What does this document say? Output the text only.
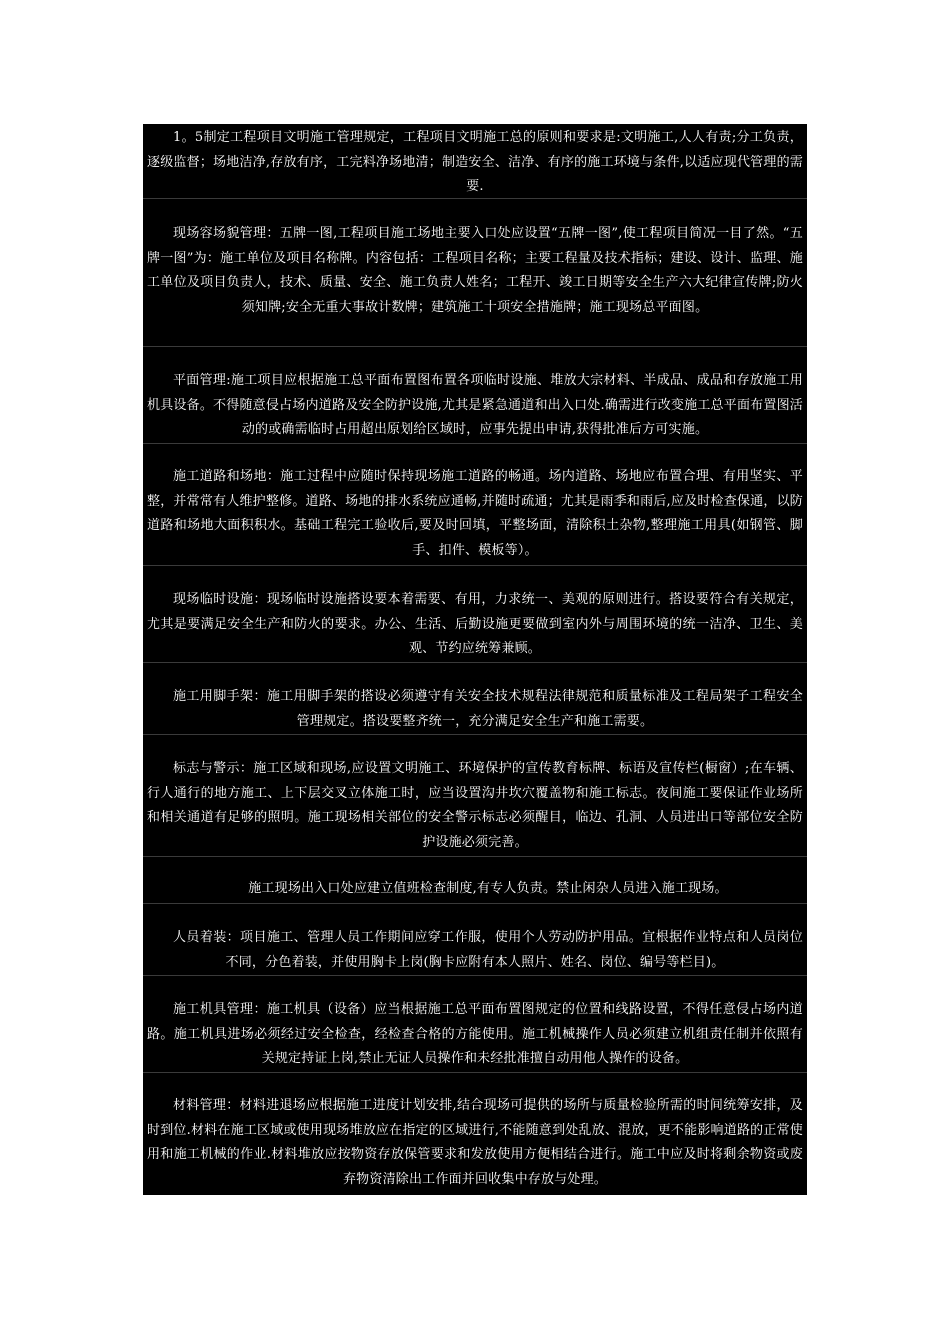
1。5制定工程项目文明施工管理规定，工程项目文明施工总的原则和要求是:文明施工,人人有责;分工负责，逐级监督；场地洁净,存放有序，工完料净场地清；制造安全、洁净、有序的施工环境与条件,以适应现代管理的需要.

现场容场貌管理：五牌一图,工程项目施工场地主要入口处应设置“五牌一图”,使工程项目简况一目了然。“五牌一图”为：施工单位及项目名称牌。内容包括：工程项目名称；主要工程量及技术指标；建设、设计、监理、施工单位及项目负责人，技术、质量、安全、施工负责人姓名；工程开、竣工日期等安全生产六大纪律宣传牌;防火须知牌;安全无重大事故计数牌；建筑施工十项安全措施牌；施工现场总平面图。

平面管理:施工项目应根据施工总平面布置图布置各项临时设施、堆放大宗材料、半成品、成品和存放施工用机具设备。不得随意侵占场内道路及安全防护设施,尤其是紧急通道和出入口处.确需进行改变施工总平面布置图活动的或确需临时占用超出原划给区域时，应事先提出申请,获得批准后方可实施。

施工道路和场地：施工过程中应随时保持现场施工道路的畅通。场内道路、场地应布置合理、有用坚实、平整，并常常有人维护整修。道路、场地的排水系统应通畅,并随时疏通；尤其是雨季和雨后,应及时检查保通，以防道路和场地大面积积水。基础工程完工验收后,要及时回填，平整场面，清除积土杂物,整理施工用具(如钢管、脚手、扣件、模板等）。

现场临时设施：现场临时设施搭设要本着需要、有用，力求统一、美观的原则进行。搭设要符合有关规定，尤其是要满足安全生产和防火的要求。办公、生活、后勤设施更要做到室内外与周围环境的统一洁净、卫生、美观、节约应统筹兼顾。

施工用脚手架：施工用脚手架的搭设必须遵守有关安全技术规程法律规范和质量标准及工程局架子工程安全管理规定。搭设要整齐统一，充分满足安全生产和施工需要。

标志与警示：施工区域和现场,应设置文明施工、环境保护的宣传教育标牌、标语及宣传栏(橱窗）;在车辆、行人通行的地方施工、上下层交叉立体施工时，应当设置沟井坎穴覆盖物和施工标志。夜间施工要保证作业场所和相关通道有足够的照明。施工现场相关部位的安全警示标志必须醒目，临边、孔洞、人员进出口等部位安全防护设施必须完善。

施工现场出入口处应建立值班检查制度,有专人负责。禁止闲杂人员进入施工现场。

人员着装：项目施工、管理人员工作期间应穿工作服，使用个人劳动防护用品。宜根据作业特点和人员岗位不同，分色着装，并使用胸卡上岗(胸卡应附有本人照片、姓名、岗位、编号等栏目)。

施工机具管理：施工机具（设备）应当根据施工总平面布置图规定的位置和线路设置，不得任意侵占场内道路。施工机具进场必须经过安全检查，经检查合格的方能使用。施工机械操作人员必须建立机组责任制并依照有关规定持证上岗,禁止无证人员操作和未经批准擅自动用他人操作的设备。

材料管理：材料进退场应根据施工进度计划安排,结合现场可提供的场所与质量检验所需的时间统筹安排，及时到位.材料在施工区域或使用现场堆放应在指定的区域进行,不能随意到处乱放、混放，更不能影响道路的正常使用和施工机械的作业.材料堆放应按物资存放保管要求和发放使用方便相结合进行。施工中应及时将剩余物资或废弃物资清除出工作面并回收集中存放与处理。
